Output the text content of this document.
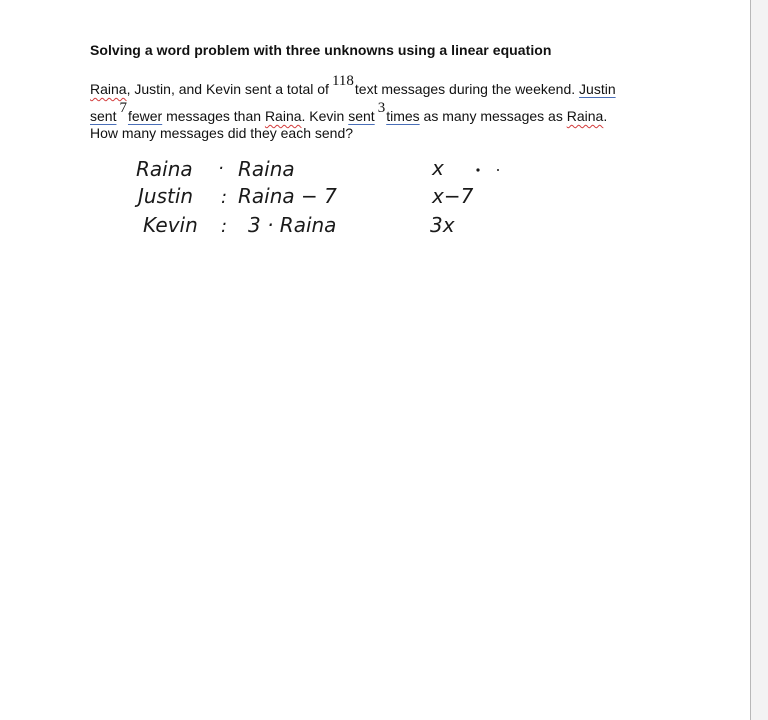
Solving a word problem with three unknowns using a linear equation
Raina, Justin, and Kevin sent a total of 118text messages during the weekend. Justin
sent 7fewer messages than Raina. Kevin sent 3times as many messages as Raina.
How many messages did they each send?
Raina · Raina	x
Justin : Raina − 7	x−7
Kevin : 3 · Raina	3x
